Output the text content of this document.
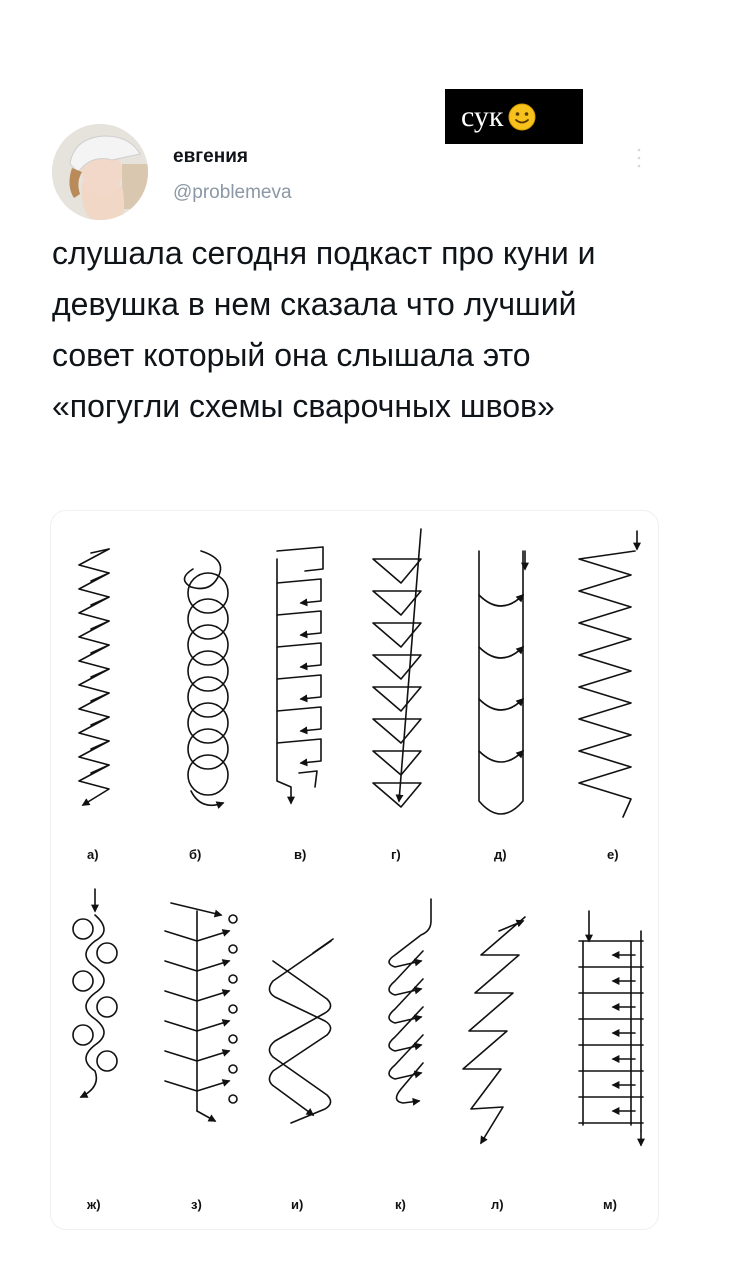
сук
евгения
@problemeva

слушала сегодня подкаст про куни и девушка в нем сказала что лучший совет который она слышала это «погугли схемы сварочных швов»

а)	б)	в)	г)	д)	е)
ж)	з)	и)	к)	л)	м)
